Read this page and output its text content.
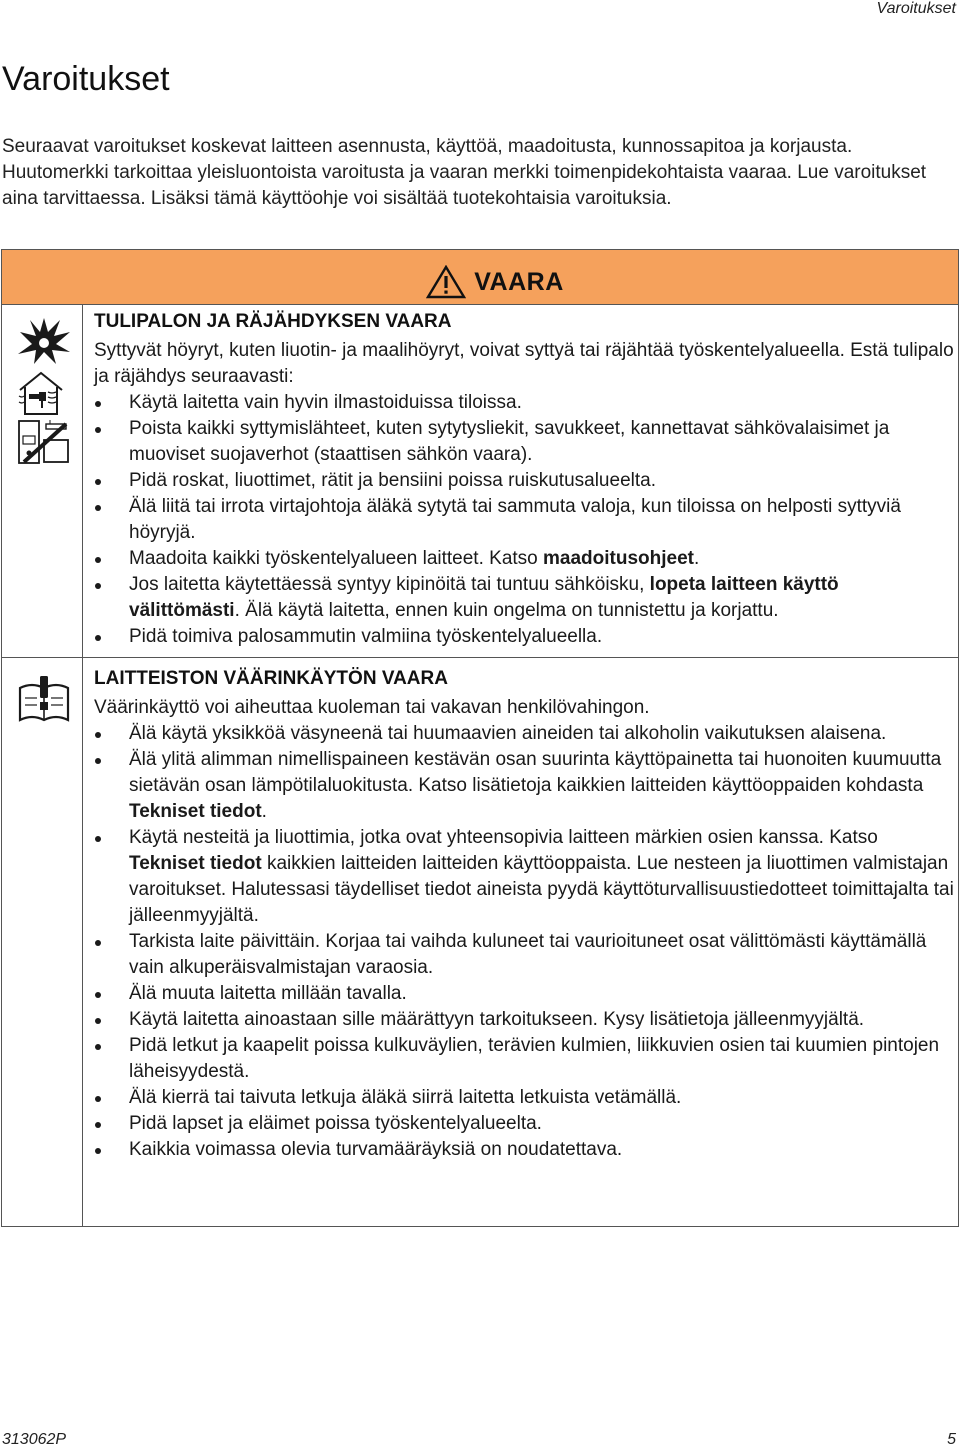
Varoitukset
Varoitukset

Seuraavat varoitukset koskevat laitteen asennusta, käyttöä, maadoitusta, kunnossapitoa ja korjausta. Huutomerkki tarkoittaa yleisluontoista varoitusta ja vaaran merkki toimenpidekohtaista vaaraa. Lue varoitukset aina tarvittaessa. Lisäksi tämä käyttöohje voi sisältää tuotekohtaisia varoituksia.

VAARA

TULIPALON JA RÄJÄHDYKSEN VAARA

Syttyvät höyryt, kuten liuotin- ja maalihöyryt, voivat syttyä tai räjähtää työskentelyalueella. Estä tulipalo ja räjähdys seuraavasti:

Käytä laitetta vain hyvin ilmastoiduissa tiloissa.
Poista kaikki syttymislähteet, kuten sytytysliekit, savukkeet, kannettavat sähkövalaisimet ja muoviset suojaverhot (staattisen sähkön vaara).
Pidä roskat, liuottimet, rätit ja bensiini poissa ruiskutusalueelta.
Älä liitä tai irrota virtajohtoja äläkä sytytä tai sammuta valoja, kun tiloissa on helposti syttyviä höyryjä.
Maadoita kaikki työskentelyalueen laitteet. Katso maadoitusohjeet.
Jos laitetta käytettäessä syntyy kipinöitä tai tuntuu sähköisku, lopeta laitteen käyttö välittömästi. Älä käytä laitetta, ennen kuin ongelma on tunnistettu ja korjattu.
Pidä toimiva palosammutin valmiina työskentelyalueella.

LAITTEISTON VÄÄRINKÄYTÖN VAARA

Väärinkäyttö voi aiheuttaa kuoleman tai vakavan henkilövahingon.

Älä käytä yksikköä väsyneenä tai huumaavien aineiden tai alkoholin vaikutuksen alaisena.
Älä ylitä alimman nimellispaineen kestävän osan suurinta käyttöpainetta tai huonoiten kuumuutta sietävän osan lämpötilaluokitusta. Katso lisätietoja kaikkien laitteiden käyttöoppaiden kohdasta Tekniset tiedot.
Käytä nesteitä ja liuottimia, jotka ovat yhteensopivia laitteen märkien osien kanssa. Katso Tekniset tiedot kaikkien laitteiden laitteiden käyttöoppaista. Lue nesteen ja liuottimen valmistajan varoitukset. Halutessasi täydelliset tiedot aineista pyydä käyttöturvallisuustiedotteet toimittajalta tai jälleenmyyjältä.
Tarkista laite päivittäin. Korjaa tai vaihda kuluneet tai vaurioituneet osat välittömästi käyttämällä vain alkuperäisvalmistajan varaosia.
Älä muuta laitetta millään tavalla.
Käytä laitetta ainoastaan sille määrättyyn tarkoitukseen. Kysy lisätietoja jälleenmyyjältä.
Pidä letkut ja kaapelit poissa kulkuväylien, terävien kulmien, liikkuvien osien tai kuumien pintojen läheisyydestä.
Älä kierrä tai taivuta letkuja äläkä siirrä laitetta letkuista vetämällä.
Pidä lapset ja eläimet poissa työskentelyalueelta.
Kaikkia voimassa olevia turvamääräyksiä on noudatettava.
313062P	5
